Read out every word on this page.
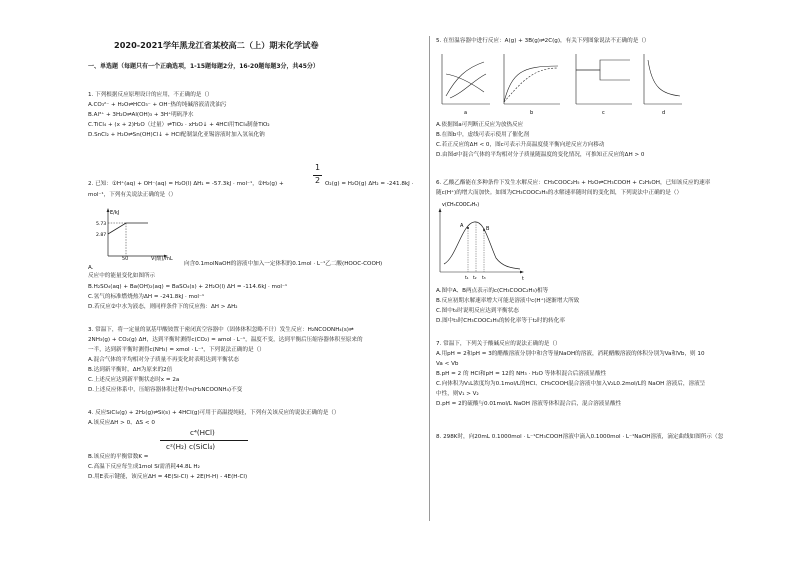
2020-2021学年黑龙江省某校高二（上）期末化学试卷
一、单选题（每题只有一个正确选项，1-15题每题2分，16-20题每题3分，共45分）
1. 下列根据反应原理设计的应用，不正确的是（）
A.CO₃²⁻ + H₂O⇌HCO₃⁻ + OH⁻热的纯碱溶液清洗油污
B.Al³⁺ + 3H₂O⇌Al(OH)₃ + 3H⁺明矾净水
C.TiCl₄ + (x + 2)H₂O（过量）⇌TiO₂ · xH₂O↓ + 4HCl用TiCl₄制备TiO₂
D.SnCl₂ + H₂O⇌Sn(OH)Cl↓ + HCl配制氯化亚锡溶液时加入氢氧化钠
2. 已知：①H⁺(aq) + OH⁻(aq) = H₂O(l) ΔH₁ = -57.3kJ · mol⁻¹，②H₂(g) +
1
2 O₂(g) = H₂O(g) ΔH₂ = -241.8kJ ·
mol⁻¹，下列有关说法正确的是（）
E/kJ
5.73
2.87
50	V(酸)/mL
A.
向含0.1molNaOH的溶液中加入一定体积的0.1mol · L⁻¹乙二酸(HOOC-COOH)
反应中的能量变化如图所示
B.H₂SO₄(aq) + Ba(OH)₂(aq) = BaSO₄(s) + 2H₂O(l) ΔH = -114.6kJ · mol⁻¹
C.氢气的标准燃烧热为ΔH = -241.8kJ · mol⁻¹
D.若反应②中水为液态，则同样条件下的反应热：ΔH > ΔH₂
3. 常温下，将一定量的氨基甲酸铵置于密闭真空容器中（固体体积忽略不计）发生反应：H₂NCOONH₄(s)⇌
2NH₃(g) + CO₂(g) ΔH，达到平衡时测得c(CO₂) = amol · L⁻¹，温度不变，达到平衡后压缩容器体积至原来的
一半，达到新平衡时测得c(NH₃) = xmol · L⁻¹，下列说法正确的是（）
A.混合气体的平均相对分子质量不再变化时表明达到平衡状态
B.达到新平衡时，ΔH为原来的2倍
C.上述反应达到新平衡状态时x = 2a
D.上述反应体系中，压缩容器体积过程中n(H₂NCOONH₄)不变
4. 反应SiCl₄(g) + 2H₂(g)⇌Si(s) + 4HCl(g)可用于高温提纯硅，下列有关该反应的说法正确的是（）
A.该反应ΔH > 0、ΔS < 0
B.该反应的平衡常数K =
c⁴(HCl)
c²(H₂) c(SiCl₄)
C.高温下反应每生成1mol Si需消耗44.8L H₂
D.用E表示键能，该反应ΔH = 4E(Si-Cl) + 2E(H-H) - 4E(H-Cl)
5. 在恒温容器中进行反应：A(g) + 3B(g)⇌2C(g)，有关下列图象说法不正确的是（）
a	b	c	d
A.依据图a可判断正反应为放热反应
B.在图b中，虚线可表示使用了催化剂
C.若正反应的ΔH < 0，图c可表示升高温度使平衡向逆反应方向移动
D.由图d中混合气体的平均相对分子质量随温度的变化情况，可推知正反应的ΔH > 0
6. 乙酸乙酯能在多种条件下发生水解反应：CH₃COOC₂H₅ + H₂O⇌CH₃COOH + C₂H₅OH，已知该反应的速率
随c(H⁺)的增大而加快。如图为CH₃COOC₂H₅的水解速率随时间的变化图，下列说法中正确的是（）
A	B
t₁ t₂ t₃	t
v(CH₃COOC₂H₅)
A.图中A、B两点表示的c(CH₃COOC₂H₅)相等
B.反应初期水解速率增大可能是溶液中c(H⁺)逐渐增大所致
C.图中t₀时说明反应达到平衡状态
D.图中t₃时CH₃COOC₂H₅的转化率等于t₂时的转化率
7. 常温下，下列关于酸碱反应的说法正确的是（）
A.用pH = 2和pH = 3的醋酸溶液分别中和含等量NaOH的溶液，消耗醋酸溶液的体积分别为Va和Vb，则 10
Va < Vb
B.pH = 2 的 HCl和pH = 12的 NH₃ · H₂O 等体积混合后溶液显酸性
C.向体积为V₁L浓度均为0.1mol/L的HCl、CH₃COOH混合溶液中加入V₂L0.2mol/L的 NaOH 溶液后，溶液呈
中性，则V₁ > V₂
D.pH = 2的硫酸与0.01mol/L NaOH 溶液等体积混合后，混合溶液显酸性
8. 298K时，向20mL 0.1000mol · L⁻¹CH₃COOH溶液中滴入0.1000mol · L⁻¹NaOH溶液，滴定曲线如图所示（忽
